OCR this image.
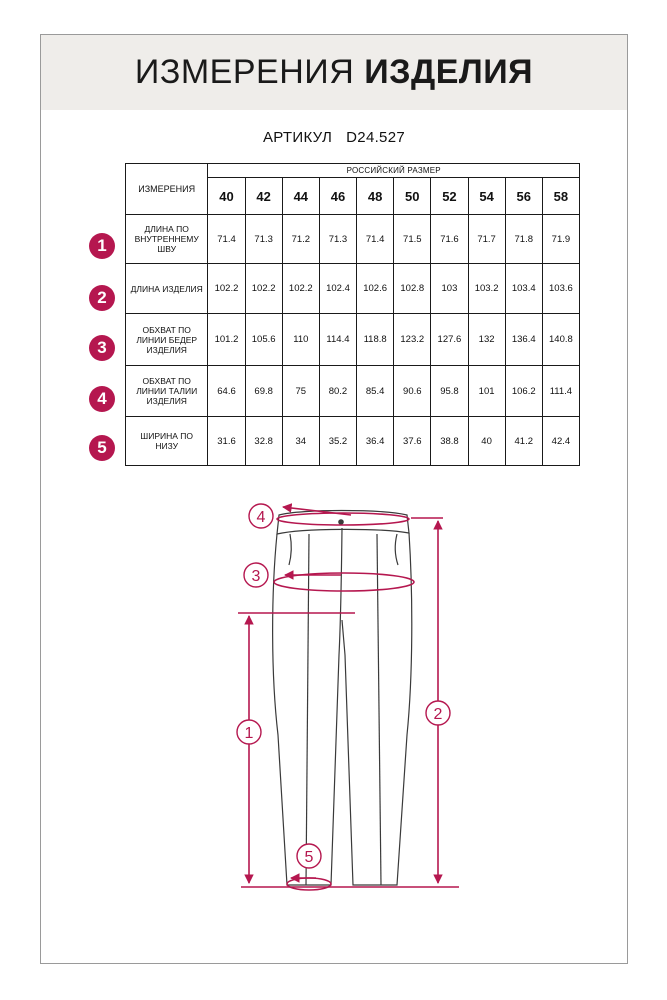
ИЗМЕРЕНИЯ ИЗДЕЛИЯ
АРТИКУЛ D24.527
ИЗМЕРЕНИЯ	РОССИЙСКИЙ РАЗМЕР									
	40	42	44	46	48	50	52	54	56	58
ДЛИНА ПО ВНУТРЕННЕМУ ШВУ	71.4	71.3	71.2	71.3	71.4	71.5	71.6	71.7	71.8	71.9
ДЛИНА ИЗДЕЛИЯ	102.2	102.2	102.2	102.4	102.6	102.8	103	103.2	103.4	103.6
ОБХВАТ ПО ЛИНИИ БЕДЕР ИЗДЕЛИЯ	101.2	105.6	110	114.4	118.8	123.2	127.6	132	136.4	140.8
ОБХВАТ ПО ЛИНИИ ТАЛИИ ИЗДЕЛИЯ	64.6	69.8	75	80.2	85.4	90.6	95.8	101	106.2	111.4
ШИРИНА ПО НИЗУ	31.6	32.8	34	35.2	36.4	37.6	38.8	40	41.2	42.4
1
2
3
4
5
4
3
1
2
5
